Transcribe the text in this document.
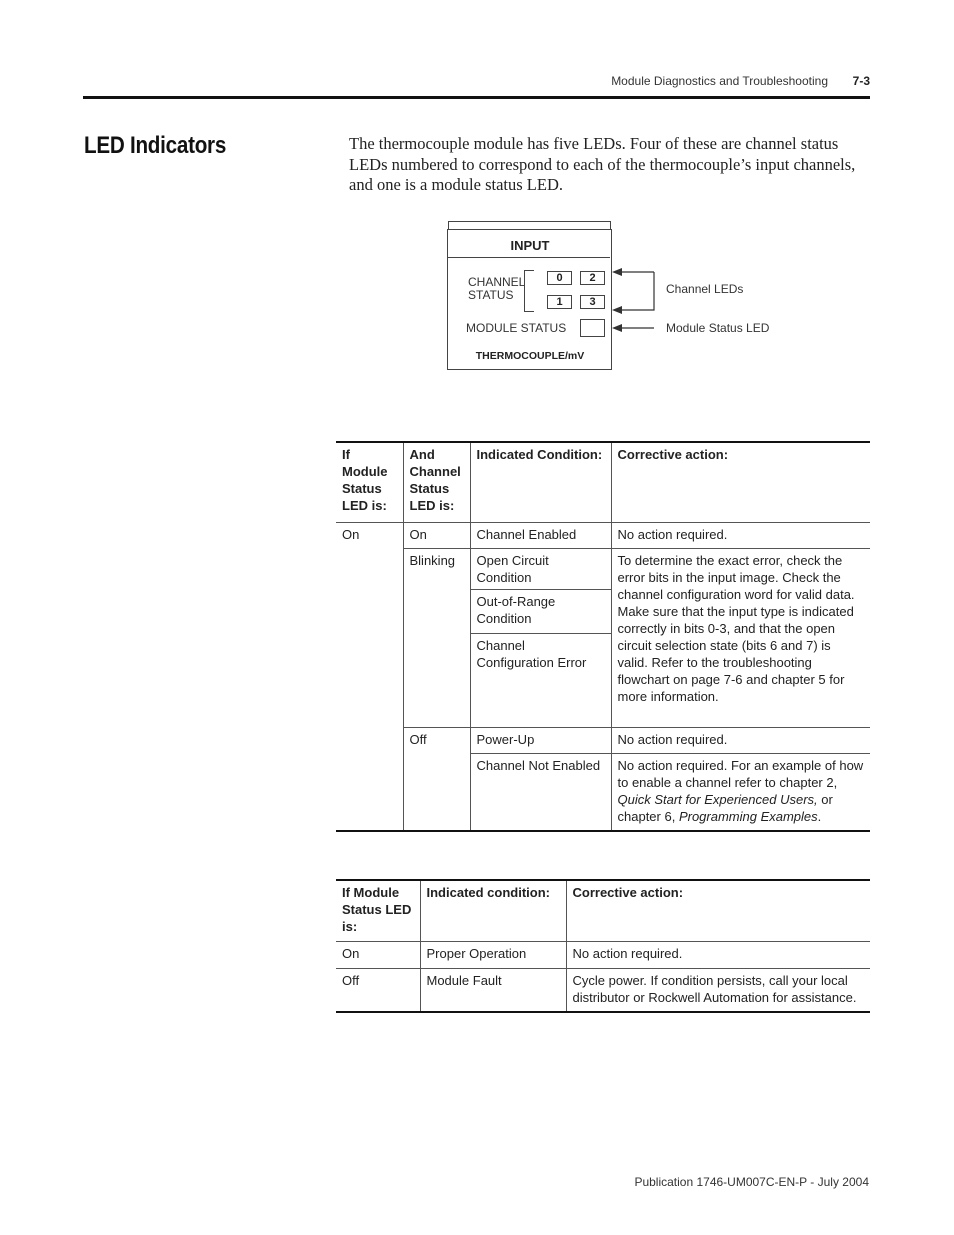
Module Diagnostics and Troubleshooting	7-3
LED Indicators	The thermocouple module has five LEDs. Four of these are channel status LEDs numbered to correspond to each of the thermocouple’s input channels, and one is a module status LED.
INPUT
CHANNEL
STATUS
0	2
1	3
MODULE STATUS
THERMOCOUPLE/mV
Channel LEDs
Module Status LED
If Module Status LED is:	And Channel Status LED is:	Indicated Condition:	Corrective action:
On	On	Channel Enabled	No action required.
	Blinking	Open Circuit Condition	To determine the exact error, check the error bits in the input image. Check the channel configuration word for valid data. Make sure that the input type is indicated correctly in bits 0-3, and that the open circuit selection state (bits 6 and 7) is valid. Refer to the troubleshooting flowchart on page 7-6 and chapter 5 for more information.
		Out-of-Range Condition	
		Channel Configuration Error	
	Off	Power-Up	No action required.
		Channel Not Enabled	No action required. For an example of how to enable a channel refer to chapter 2, Quick Start for Experienced Users, or chapter 6, Programming Examples.
If Module Status LED is:	Indicated condition:	Corrective action:
On	Proper Operation	No action required.
Off	Module Fault	Cycle power. If condition persists, call your local distributor or Rockwell Automation for assistance.
Publication 1746-UM007C-EN-P - July 2004
